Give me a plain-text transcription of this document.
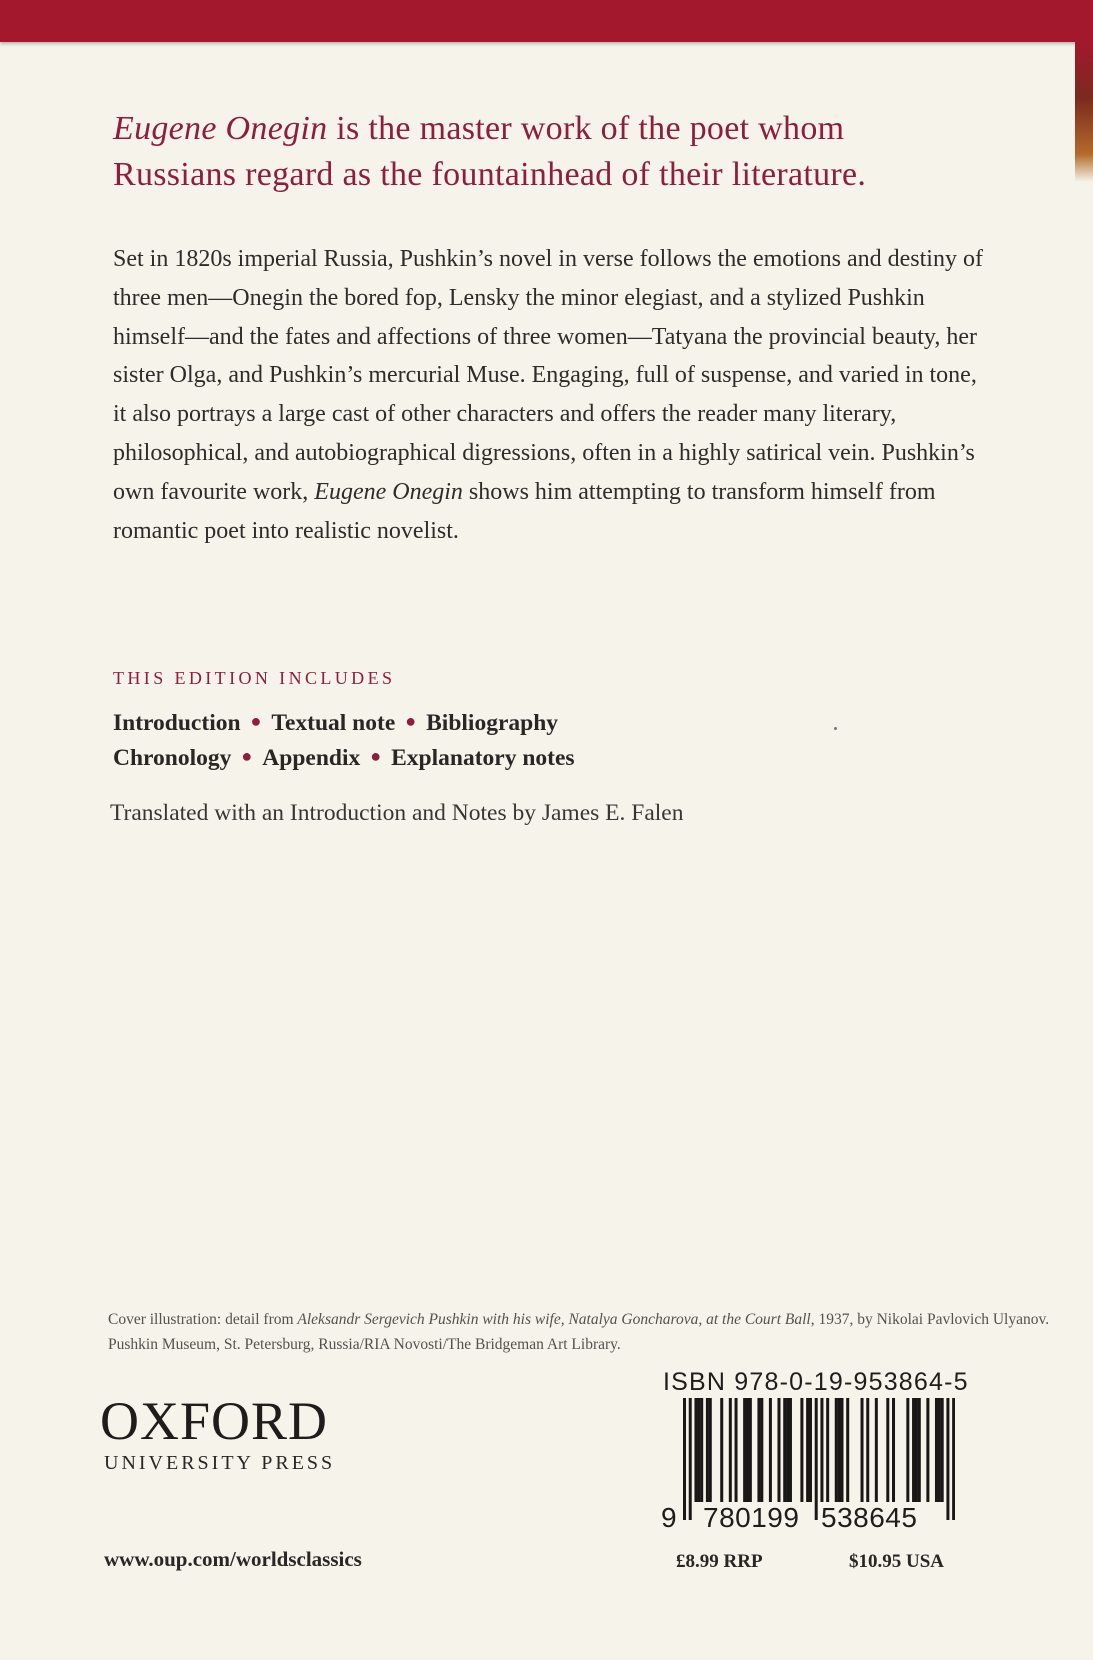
Eugene Onegin is the master work of the poet whom
Russians regard as the fountainhead of their literature.
Set in 1820s imperial Russia, Pushkin’s novel in verse follows the emotions and destiny of three men—Onegin the bored fop, Lensky the minor elegiast, and a stylized Pushkin himself—and the fates and affections of three women—Tatyana the provincial beauty, her sister Olga, and Pushkin’s mercurial Muse. Engaging, full of suspense, and varied in tone, it also portrays a large cast of other characters and offers the reader many literary, philosophical, and autobiographical digressions, often in a highly satirical vein. Pushkin’s own favourite work, Eugene Onegin shows him attempting to transform himself from romantic poet into realistic novelist.
THIS EDITION INCLUDES
Introduction ● Textual note ● Bibliography
Chronology ● Appendix ● Explanatory notes
Translated with an Introduction and Notes by James E. Falen
Cover illustration: detail from Aleksandr Sergevich Pushkin with his wife, Natalya Goncharova, at the Court Ball, 1937, by Nikolai Pavlovich Ulyanov. Pushkin Museum, St. Petersburg, Russia/RIA Novosti/The Bridgeman Art Library.
OXFORD
UNIVERSITY PRESS
ISBN 978-0-19-953864-5
9 780199 538645
www.oup.com/worldsclassics	£8.99 RRP	$10.95 USA
